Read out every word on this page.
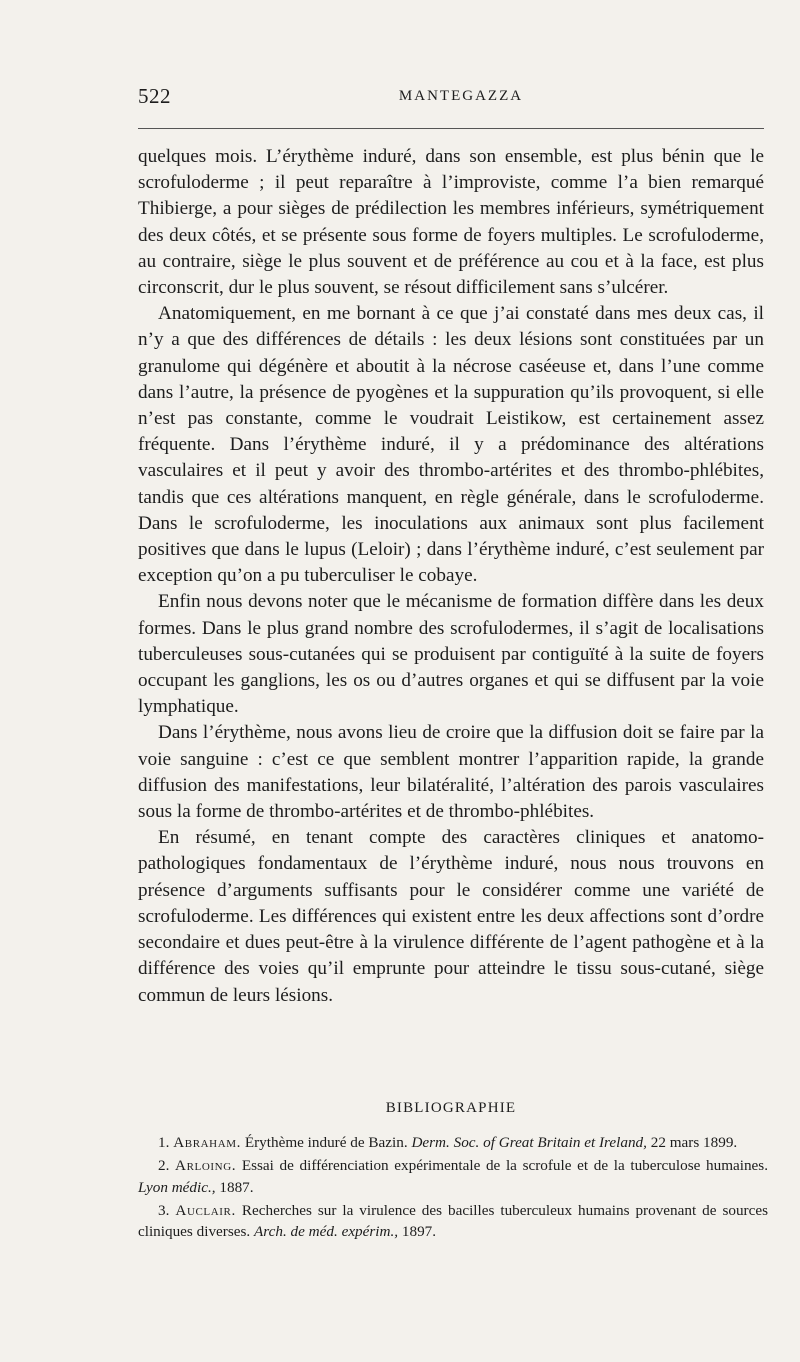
522	MANTEGAZZA

quelques mois. L’érythème induré, dans son ensemble, est plus bénin que le scrofuloderme ; il peut reparaître à l’improviste, comme l’a bien remarqué Thibierge, a pour sièges de prédilection les membres inférieurs, symétriquement des deux côtés, et se présente sous forme de foyers multiples. Le scrofuloderme, au contraire, siège le plus souvent et de préférence au cou et à la face, est plus circonscrit, dur le plus souvent, se résout difficilement sans s’ulcérer.

Anatomiquement, en me bornant à ce que j’ai constaté dans mes deux cas, il n’y a que des différences de détails : les deux lésions sont constituées par un granulome qui dégénère et aboutit à la nécrose caséeuse et, dans l’une comme dans l’autre, la présence de pyogènes et la suppuration qu’ils provoquent, si elle n’est pas constante, comme le voudrait Leistikow, est certainement assez fréquente. Dans l’érythème induré, il y a prédominance des altérations vasculaires et il peut y avoir des thrombo-artérites et des thrombo-phlébites, tandis que ces altérations manquent, en règle générale, dans le scrofuloderme. Dans le scrofuloderme, les inoculations aux animaux sont plus facilement positives que dans le lupus (Leloir) ; dans l’érythème induré, c’est seulement par exception qu’on a pu tuberculiser le cobaye.

Enfin nous devons noter que le mécanisme de formation diffère dans les deux formes. Dans le plus grand nombre des scrofulodermes, il s’agit de localisations tuberculeuses sous-cutanées qui se produisent par contiguïté à la suite de foyers occupant les ganglions, les os ou d’autres organes et qui se diffusent par la voie lymphatique.

Dans l’érythème, nous avons lieu de croire que la diffusion doit se faire par la voie sanguine : c’est ce que semblent montrer l’apparition rapide, la grande diffusion des manifestations, leur bilatéralité, l’altération des parois vasculaires sous la forme de thrombo-artérites et de thrombo-phlébites.

En résumé, en tenant compte des caractères cliniques et anatomo-pathologiques fondamentaux de l’érythème induré, nous nous trouvons en présence d’arguments suffisants pour le considérer comme une variété de scrofuloderme. Les différences qui existent entre les deux affections sont d’ordre secondaire et dues peut-être à la virulence différente de l’agent pathogène et à la différence des voies qu’il emprunte pour atteindre le tissu sous-cutané, siège commun de leurs lésions.

BIBLIOGRAPHIE

1. Abraham. Érythème induré de Bazin. Derm. Soc. of Great Britain et Ireland, 22 mars 1899.

2. Arloing. Essai de différenciation expérimentale de la scrofule et de la tuberculose humaines. Lyon médic., 1887.

3. Auclair. Recherches sur la virulence des bacilles tuberculeux humains provenant de sources cliniques diverses. Arch. de méd. expérim., 1897.
